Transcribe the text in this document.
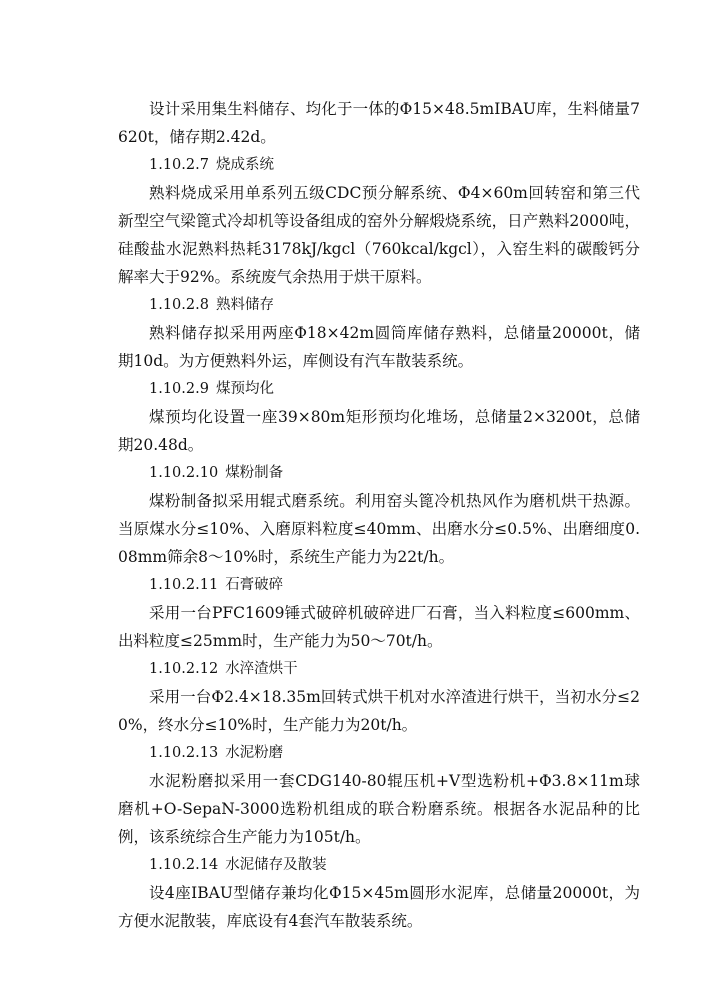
设计采用集生料储存、均化于一体的Φ15×48.5mIBAU库，生料储量7620t，储存期2.42d。

1.10.2.7 烧成系统

熟料烧成采用单系列五级CDC预分解系统、Φ4×60m回转窑和第三代新型空气梁篦式冷却机等设备组成的窑外分解煅烧系统，日产熟料2000吨，硅酸盐水泥熟料热耗3178kJ/kgcl（760kcal/kgcl），入窑生料的碳酸钙分解率大于92%。系统废气余热用于烘干原料。

1.10.2.8 熟料储存

熟料储存拟采用两座Φ18×42m圆筒库储存熟料，总储量20000t，储期10d。为方便熟料外运，库侧设有汽车散装系统。

1.10.2.9 煤预均化

煤预均化设置一座39×80m矩形预均化堆场，总储量2×3200t，总储期20.48d。

1.10.2.10 煤粉制备

煤粉制备拟采用辊式磨系统。利用窑头篦冷机热风作为磨机烘干热源。当原煤水分≤10%、入磨原料粒度≤40mm、出磨水分≤0.5%、出磨细度0.08mm筛余8～10%时，系统生产能力为22t/h。

1.10.2.11 石膏破碎

采用一台PFC1609锤式破碎机破碎进厂石膏，当入料粒度≤600mm、出料粒度≤25mm时，生产能力为50～70t/h。

1.10.2.12 水淬渣烘干

采用一台Φ2.4×18.35m回转式烘干机对水淬渣进行烘干，当初水分≤20%，终水分≤10%时，生产能力为20t/h。

1.10.2.13 水泥粉磨

水泥粉磨拟采用一套CDG140-80辊压机+V型选粉机+Φ3.8×11m球磨机+O-SepaN-3000选粉机组成的联合粉磨系统。根据各水泥品种的比例，该系统综合生产能力为105t/h。

1.10.2.14 水泥储存及散装

设4座IBAU型储存兼均化Φ15×45m圆形水泥库，总储量20000t，为方便水泥散装，库底设有4套汽车散装系统。
